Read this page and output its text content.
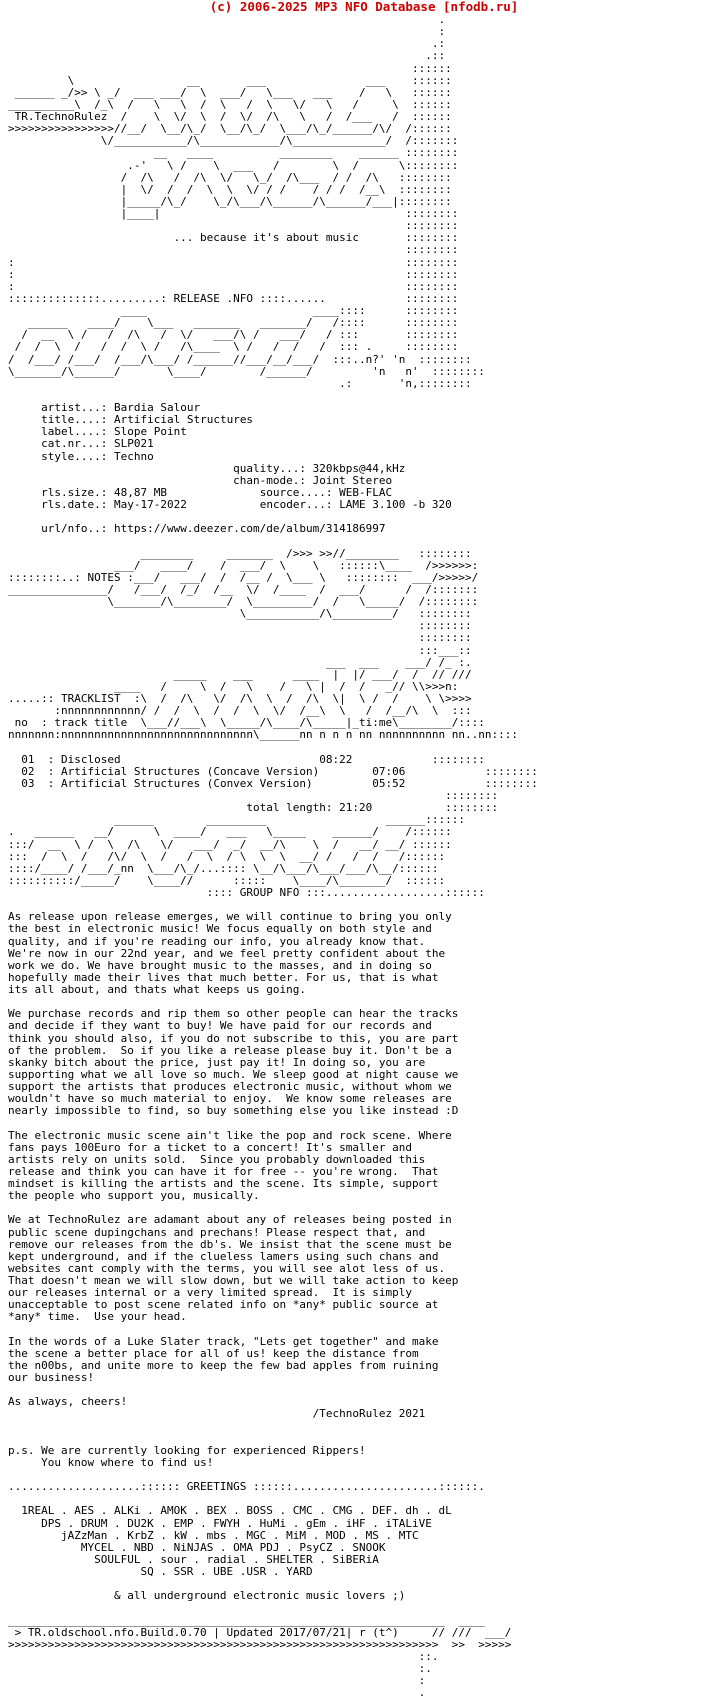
(c) 2006-2025 MP3 NFO Database [nfodb.ru]
.
:
.:
.::
::::::
\                 __       ___               ___    ::::::
______ _/>> \ _/  ___ ___/  \  ___/   \___   ___    /   \   ::::::
__________\  /_\  /   \   \  /  \   /  \   \/   \   /     \  ::::::
TR.TechnoRulez  /    \  \/  \  /  \/  /\   \   /  /___   /  ::::::
>>>>>>>>>>>>>>>>//__/  \__/\_/  \__/\_/  \___/\_/______/\/  /::::::
\/___________/\____________/\______________/  /:::::::
__   ____          ________    ______ ::::::::
.-'   \ /    \  ___   /        \  /      \::::::::
/  /\   /  /\  \/   \_/  /\___  / /  /\   ::::::::
|  \/  /  /  \  \  \/ / /    / / /  /__\  ::::::::
|_____/\_/    \_/\___/\______/\______/___|::::::::
|____|                                     ::::::::
::::::::
... because it's about music       ::::::::
::::::::
:                                                           ::::::::
:                                                           ::::::::
:                                                           ::::::::
::::::::::::::.........: RELEASE .NFO ::::......            ::::::::
____                         ____::::      ::::::::
______   ____/    \___   _______   _______/   /::::      ::::::::
/  __  \ /   /  /\   /  \/   ___/\ /   ___/   / :::       ::::::::
/  /  \  /   /  /  \ /   /\____  \ /   /  /   /  ::: .     ::::::::
/  /___/ /___/  /___/\___/ /______//___/__/___/  :::..n?' 'n  ::::::::
\_______/\______/       \____/        /______/         'n   n'  ::::::::
.:       'n,::::::::

artist...: Bardia Salour
title....: Artificial Structures
label....: Slope Point
cat.nr...: SLP021
style....: Techno
quality...: 320kbps@44,kHz
chan-mode.: Joint Stereo
rls.size.: 48,87 MB	source....: WEB-FLAC
rls.date.: May-17-2022	encoder...: LAME 3.100 -b 320

url/nfo..: https://www.deezer.com/de/album/314186997

________     _______  />>> >>//________   ::::::::
___/   ____/    /  ___/  \    \   ::::::\____  />>>>>>:
::::::::..: NOTES :___/   ___/  /  /__ /  \___ \   ::::::::  ___/>>>>>/
_______________/   /___/  /_/  /__  \/  /____  /  ___/      /  /:::::::
\_______/\________/  \_________/  /   \_____/  /::::::::
\___________/\_________/   ::::::::
::::::::
::::::::
:::___::
___  ___    ___/ /_ :.
_____    ___      ____  |  |/ ___/  /  // ///
____   /     \  /   \    /   \ |  /  /   _// \\>>>n:
.....:: TRACKLIST  :\  /  /\   \/  /\  \  /  /\  \|  \ /  /    \ \>>>>
:nnnnnnnnnnnn/ /  /  \  /  /  \  \/  /__\  \   /  /__/\  \  :::
no  : track title  \___//___\  \_____/\____/\_____|_ti:me\________/::::
nnnnnnn:nnnnnnnnnnnnnnnnnnnnnnnnnnnnn\______nn n n n nn nnnnnnnnnn nn..nn::::

01  : Disclosed	08:22	::::::::
02  : Artificial Structures (Concave Version)	07:06	::::::::
03  : Artificial Structures (Convex Version)	05:52	::::::::
::::::::
total length: 21:20	::::::::
______        _________                  ______::::::
.   ______   __/      \  ____/   ___   \_____    ______/    /::::::
:::/  __  \ /  \  /\   \/   ___/  _/  __/\    \  /   __/ __/ ::::::
:::  /  \  /   /\/  \  /   /  \  / \  \  \  __/ /   /  /   /::::::
::::/____/ /___/_nn  \___/\_/...:::: \__/\___/\___/___/\__/::::::
::::::::::/_____/    \____//      :::::    \____/\_______/  ::::::
:::: GROUP NFO :::..................::::::

As release upon release emerges, we will continue to bring you only
the best in electronic music! We focus equally on both style and
quality, and if you're reading our info, you already know that.
We're now in our 22nd year, and we feel pretty confident about the
work we do. We have brought music to the masses, and in doing so
hopefully made their lives that much better. For us, that is what
its all about, and thats what keeps us going.

We purchase records and rip them so other people can hear the tracks
and decide if they want to buy! We have paid for our records and
think you should also, if you do not subscribe to this, you are part
of the problem.  So if you like a release please buy it. Don't be a
skanky bitch about the price, just pay it! In doing so, you are
supporting what we all love so much. We sleep good at night cause we
support the artists that produces electronic music, without whom we
wouldn't have so much material to enjoy.  We know some releases are
nearly impossible to find, so buy something else you like instead :D

The electronic music scene ain't like the pop and rock scene. Where
fans pays 100Euro for a ticket to a concert! It's smaller and
artists rely on units sold.  Since you probably downloaded this
release and think you can have it for free -- you're wrong.  That
mindset is killing the artists and the scene. Its simple, support
the people who support you, musically.

We at TechnoRulez are adamant about any of releases being posted in
public scene dupingchans and prechans! Please respect that, and
remove our releases from the db's. We insist that the scene must be
kept underground, and if the clueless lamers using such chans and
websites cant comply with the terms, you will see alot less of us.
That doesn't mean we will slow down, but we will take action to keep
our releases internal or a very limited spread.  It is simply
unacceptable to post scene related info on *any* public source at
*any* time.  Use your head.

In the words of a Luke Slater track, "Lets get together" and make
the scene a better place for all of us! keep the distance from
the n00bs, and unite more to keep the few bad apples from ruining
our business!

As always, cheers!
/TechnoRulez 2021

p.s. We are currently looking for experienced Rippers!
You know where to find us!

....................:::::: GREETINGS ::::::......................::::::.

1REAL . AES . ALKi . AMOK . BEX . BOSS . CMC . CMG . DEF. dh . dL
DPS . DRUM . DU2K . EMP . FWYH . HuMi . gEm . iHF . iTALiVE
jAZzMan . KrbZ . kW . mbs . MGC . MiM . MOD . MS . MTC
MYCEL . NBD . NiNJAS . OMA PDJ . PsyCZ . SNOOK
SOULFUL . sour . radial . SHELTER . SiBERiA
SQ . SSR . UBE .USR . YARD

& all underground electronic music lovers ;)

__________________________________________________________________  ____
> TR.oldschool.nfo.Build.0.70 | Updated 2017/07/21| r (t^)     // ///  ___/
>>>>>>>>>>>>>>>>>>>>>>>>>>>>>>>>>>>>>>>>>>>>>>>>>>>>>>>>>>>>>>>>>  >>  >>>>>
::.
:.
:
.
